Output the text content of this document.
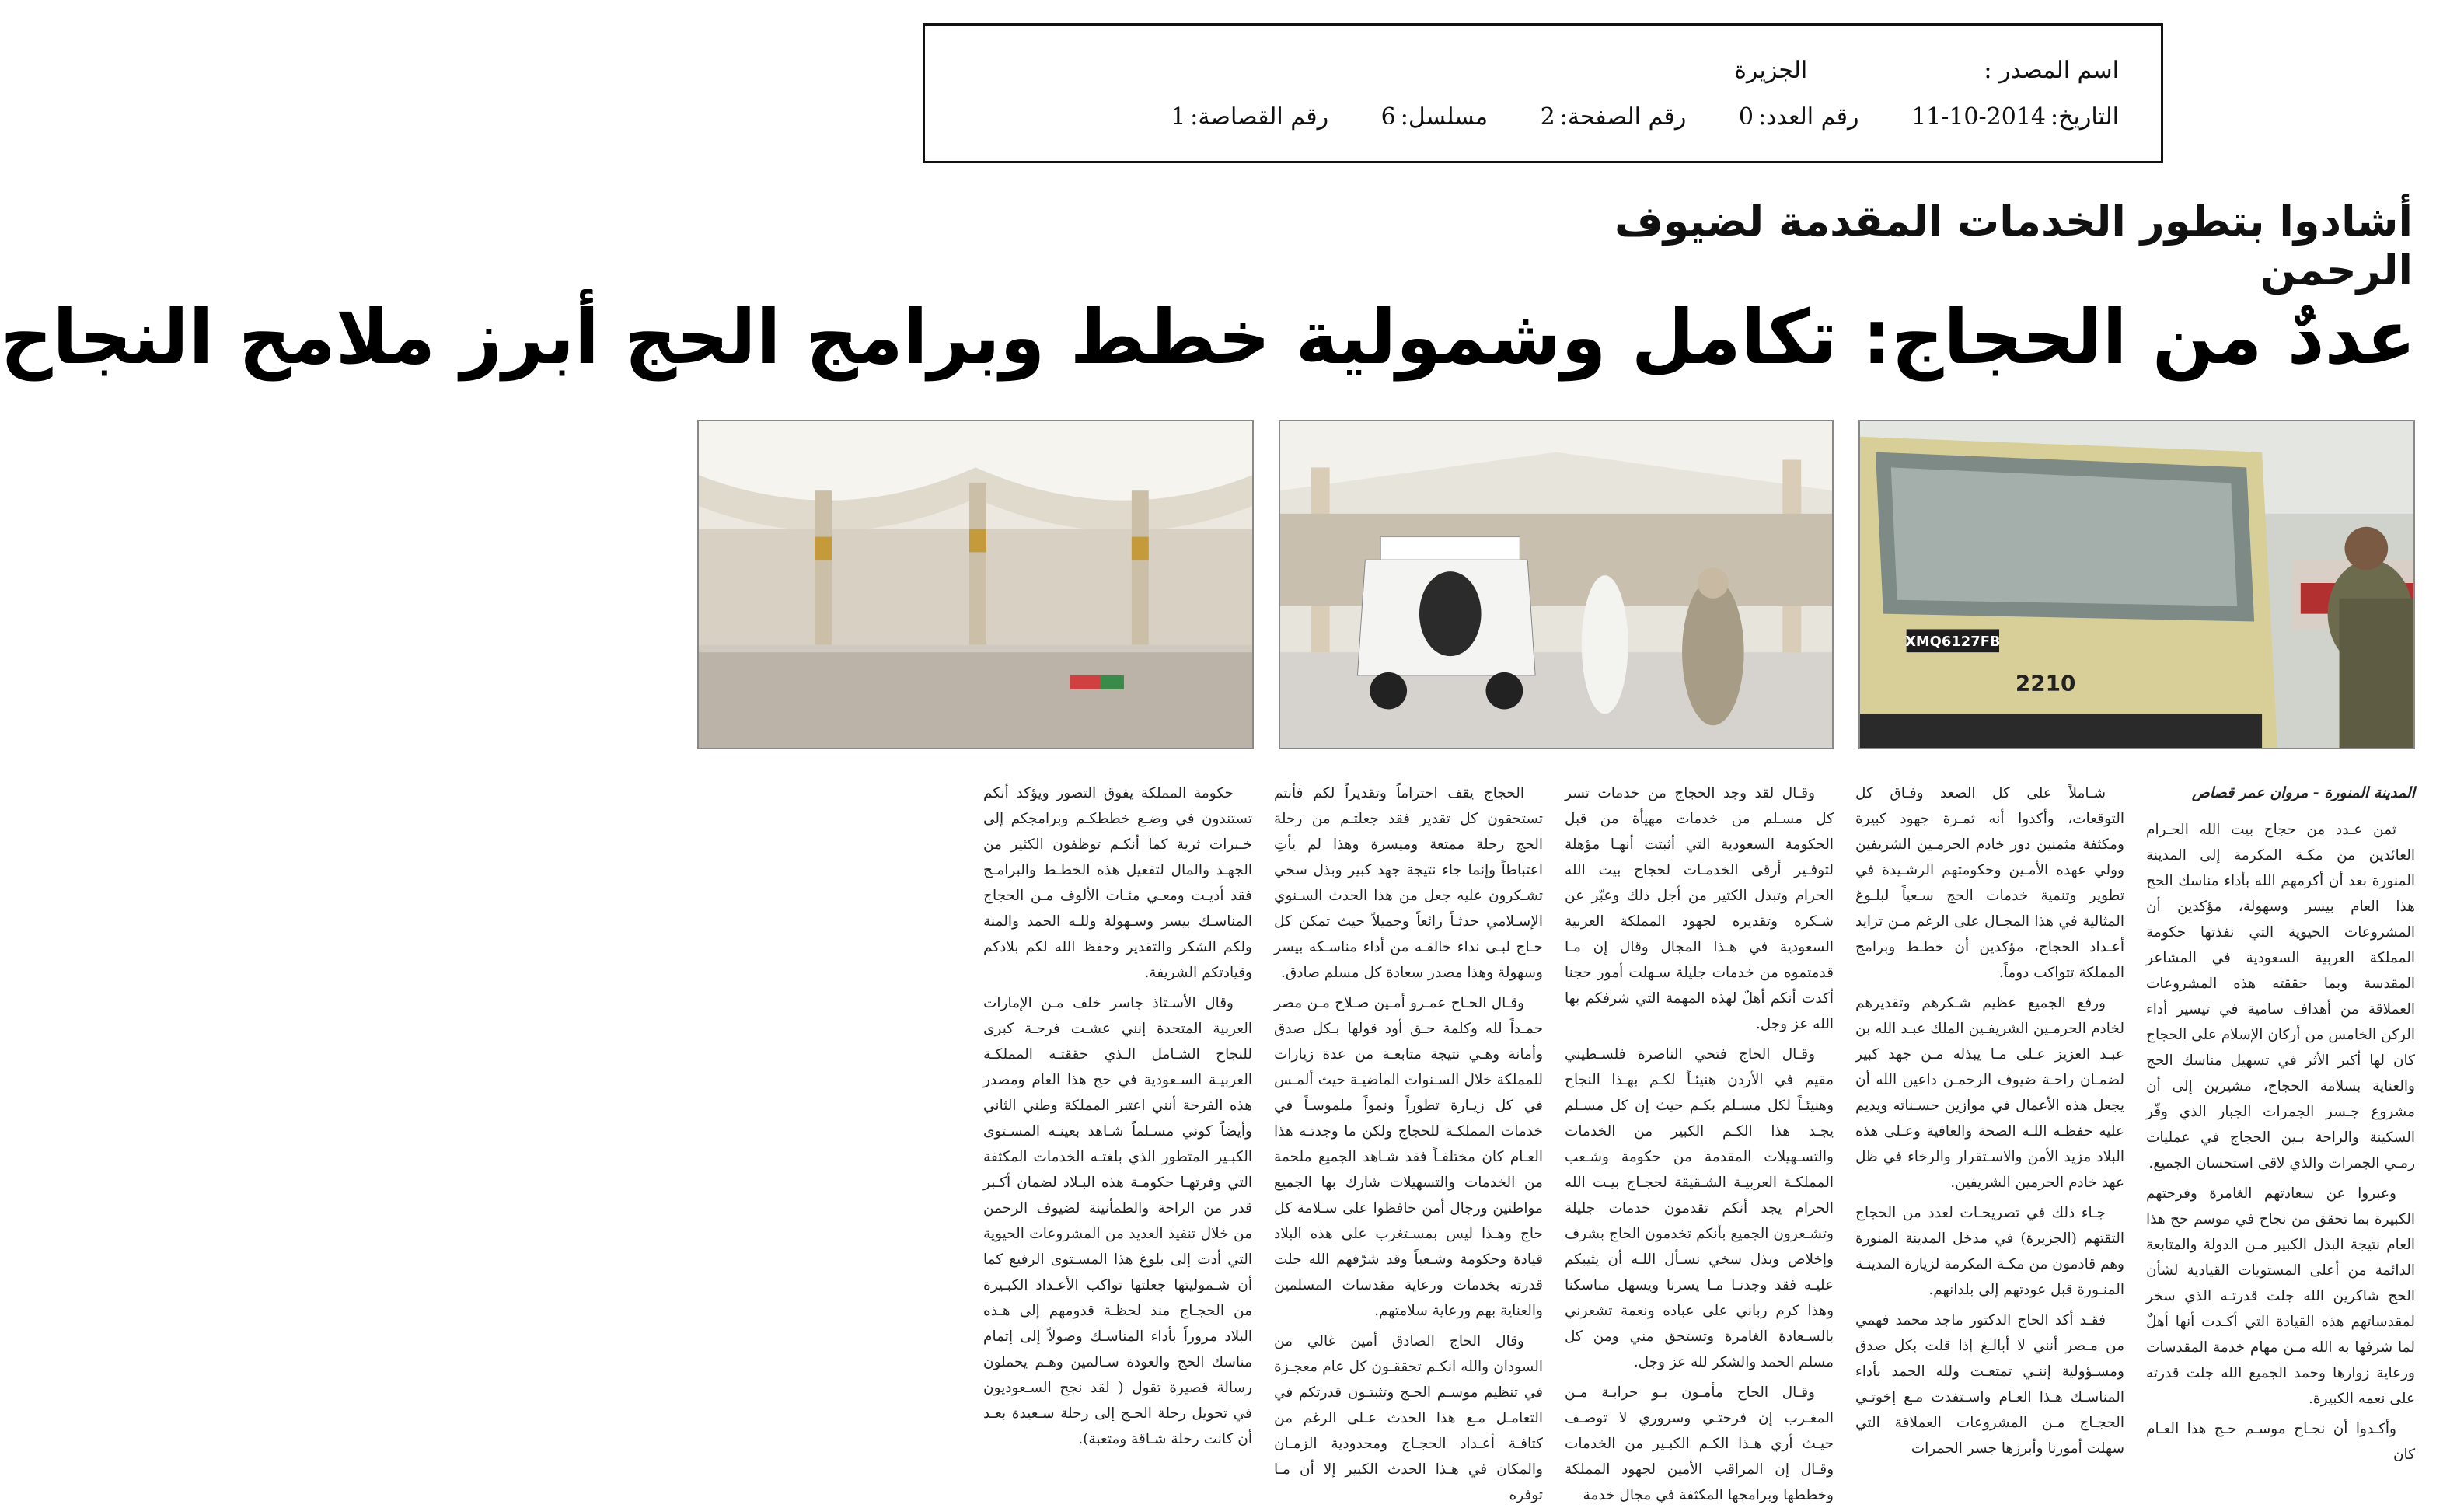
اسم المصدر :  الجزيرة
التاريخ:2014-10-11 رقم العدد:0 رقم الصفحة:2 مسلسل:6 رقم القصاصة:1
أشادوا بتطور الخدمات المقدمة لضيوف الرحمن
عددٌ من الحجاج: تكامل وشمولية خطط وبرامج الحج أبرز ملامح النجاح
XMQ6127FB
2210
المدينة المنورة - مروان عمر قصاص

ثمن عـدد من حجاج بيت الله الحـرام العائدين من مكـة المكرمة إلى المدينة المنورة بعد أن أكرمهم الله بأداء مناسك الحج هذا العام بيسر وسهولة، مؤكدين أن المشروعات الحيوية التي نفذتها حكومة المملكة العربية السعودية في المشاعر المقدسة وبما حققته هذه المشروعات العملاقة من أهداف سامية في تيسير أداء الركن الخامس من أركان الإسلام على الحجاج كان لها أكبر الأثر في تسهيل مناسك الحج والعناية بسلامة الحجاج، مشيرين إلى أن مشروع جـسر الجمرات الجبار الذي وفّر السكينة والراحة بـين الحجاج في عمليات رمـي الجمرات والذي لاقى استحسان الجميع.

وعبروا عن سعادتهم الغامرة وفرحتهم الكبيرة بما تحقق من نجاح في موسم حج هذا العام نتيجة البذل الكبير مـن الدولة والمتابعة الدائمة من أعلى المستويات القيادية لشأن الحج شاكرين الله جلت قدرتـه الذي سخر لمقدساتهم هذه القيادة التي أكـدت أنها أهلٌ لما شرفها به الله مـن مهام خدمة المقدسات ورعاية زوارها وحمد الجميع الله جلت قدرته على نعمه الكبيرة.

وأكـدوا أن نجـاح موسـم حـج هذا العـام كان

شـاملاً على كل الصعد وفـاق كل التوقعات، وأكدوا أنه ثمـرة جهود كبيرة ومكثفة مثمنين دور خادم الحرمـين الشريفين وولي عهده الأمـين وحكومتهم الرشـيدة في تطوير وتنمية خدمات الحج سـعياً لبلـوغ المثالية في هذا المجـال على الرغم مـن تزايد أعـداد الحجاج، مؤكدين أن خطـط وبرامج المملكة تتواكب دوماً.

ورفع الجميع عظيم شـكرهم وتقديرهم لخادم الحرمـين الشريفـين الملك عبـد الله بن عبـد العزيز عـلى مـا يبذله مـن جهد كبير لضمـان راحـة ضيوف الرحمـن داعين الله أن يجعل هذه الأعمال في موازين حسـناته ويديم عليه حفظـه اللـه الصحة والعافية وعـلى هذه البلاد مزيد الأمن والاسـتقرار والرخاء في ظل عهد خادم الحرمين الشريفين.

جـاء ذلك في تصريحـات لعدد من الحجاج التقتهم (الجزيرة) في مدخل المدينة المنورة وهم قادمون من مكـة المكرمة لزيارة المدينـة المنـورة قبل عودتهم إلى بلدانهم.

فقـد أكد الحاج الدكتور ماجد محمد فهمي من مـصر أنني لا أبالـغ إذا قلت بكل صدق ومسـؤولية إننـي تمتعـت ولله الحمد بأداء المناسـك هـذا العـام واسـتفدت مـع إخوتـي الحجـاج مـن المشروعات العملاقة التي سهلت أمورنا وأبرزها جسر الجمرات

وقـال لقد وجد الحجاج من خدمات تسر كل مسـلم من خدمات مهيأة من قبل الحكومة السعودية التي أثبتت أنهـا مؤهلة لتوفـير أرقى الخدمـات لحجاج بيت الله الحرام وتبذل الكثير من أجل ذلك وعبّر عن شـكره وتقديره لجهود المملكة العربية السعودية في هـذا المجال وقال إن مـا قدمتموه من خدمات جليلة سـهلت أمور حجنا أكدت أنكم أهلٌ لهذه المهمة التي شرفكم بها الله عز وجل.

وقـال الحاج فتحي الناصرة فلسـطيني مقيم في الأردن هنيئـاً لكـم بهـذا النجاح وهنيئـاً لكل مسـلم بكـم حيث إن كل مسـلم يجـد هذا الكـم الكبير من الخدمات والتسـهيلات المقدمة من حكومة وشـعب المملكـة العربيـة الشـقيقة لحجـاج بيـت الله الحرام يجد أنكم تقدمون خدمات جليلة وتشـعرون الجميع بأنكم تخدمون الحاج بشرف وإخلاص وبذل سخي نسـأل اللـه أن يثيبكم عليـه فقد وجدنـا مـا يسرنا ويسهل مناسكنا وهذا كرم رباني على عباده ونعمة تشعرني بالسـعادة الغامرة وتستحق مني ومن كل مسلم الحمد والشكر لله عز وجل.

وقـال الحاج مأمـون بـو حرابـة مـن المغـرب إن فرحتـي وسروري لا توصـف حيـث أري هـذا الكـم الكبـير من الخدمات وقـال إن المراقب الأمين لجهود المملكة وخططها وبرامجها المكثفة في مجال خدمة

الحجاج يقف احتراماً وتقديراً لكم فأنتم تستحقون كل تقدير فقد جعلتـم من رحلة الحج رحلة ممتعة وميسرة وهذا لم يأتِ اعتباطاً وإنما جاء نتيجة جهد كبير وبذل سخي تشـكرون عليه جعل من هذا الحدث السـنوي الإسـلامي حدثـاً رائعاً وجميلاً حيث تمكن كل حـاج لبـى نداء خالقـه من أداء مناسـكه بيسر وسهولة وهذا مصدر سعادة كل مسلم صادق.

وقـال الحـاج عمـرو أمـين صـلاح مـن مصر حمـداً لله وكلمة حـق أود قولها بـكل صدق وأمانة وهـي نتيجة متابعـة من عدة زيارات للمملكة خلال السـنوات الماضيـة حيث ألمـس في كل زيـارة تطوراً ونمواً ملموسـاً في خدمات المملكـة للحجاج ولكن ما وجدتـه هذا العـام كان مختلفـاً فقد شـاهد الجميع ملحمة من الخدمات والتسهيلات شارك بها الجميع مواطنين ورجال أمن حافظوا على سـلامة كل حاج وهـذا ليس بمسـتغرب على هذه البلاد قيادة وحكومة وشـعباً وقد شرّفهم الله جلت قدرته بخدمات ورعاية مقدسات المسلمين والعناية بهم ورعاية سلامتهم.

وقال الحاج الصادق أمين غالي من السودان والله انكـم تحققـون كل عام معجـزة في تنظيم موسـم الحـج وتثبتـون قدرتكم في التعامـل مـع هذا الحدث عـلى الرغم من كثافـة أعـداد الحجـاج ومحدودية الزمـان والمكان في هـذا الحدث الكبير إلا أن مـا توفره

حكومة المملكة يفوق التصور ويؤكد أنكم تستندون في وضـع خططكـم وبرامجكم إلى خـبرات ثرية كما أنكـم توظفون الكثير من الجهـد والمال لتفعيل هذه الخطـط والبرامـج فقد أديـت ومعـي مئـات الألوف مـن الحجاج المناسـك بيسر وسـهولة وللـه الحمد والمنة ولكم الشكر والتقدير وحفظ الله لكم بلادكم وقيادتكم الشريفة.

وقال الأسـتاذ جاسر خلف مـن الإمارات العربية المتحدة إنني عشـت فرحـة كبرى للنجاح الشـامل الـذي حققتـه المملكـة العربيـة السـعودية في حج هذا العام ومصدر هذه الفرحة أنني اعتبر المملكة وطني الثاني وأيضاً كوني مسـلماً شـاهد بعينـه المسـتوى الكبـير المتطور الذي بلغتـه الخدمات المكثفة التي وفرتهـا حكومـة هذه البـلاد لضمان أكـبر قدر من الراحة والطمأنينة لضيوف الرحمن من خلال تنفيذ العديد من المشروعات الحيوية التي أدت إلى بلوغ هذا المسـتوى الرفيع كما أن شـموليتها جعلتها تواكب الأعـداد الكبـيرة من الحجـاج منذ لحظـة قدومهم إلى هـذه البلاد مروراً بأداء المناسـك وصولاً إلى إتمام مناسك الحج والعودة سـالمين وهـم يحملون رسالة قصيرة تقول ( لقد نجح السـعوديون في تحويل رحلة الحـج إلى رحلة سـعيدة بعـد أن كانت رحلة شـاقة ومتعبة).
